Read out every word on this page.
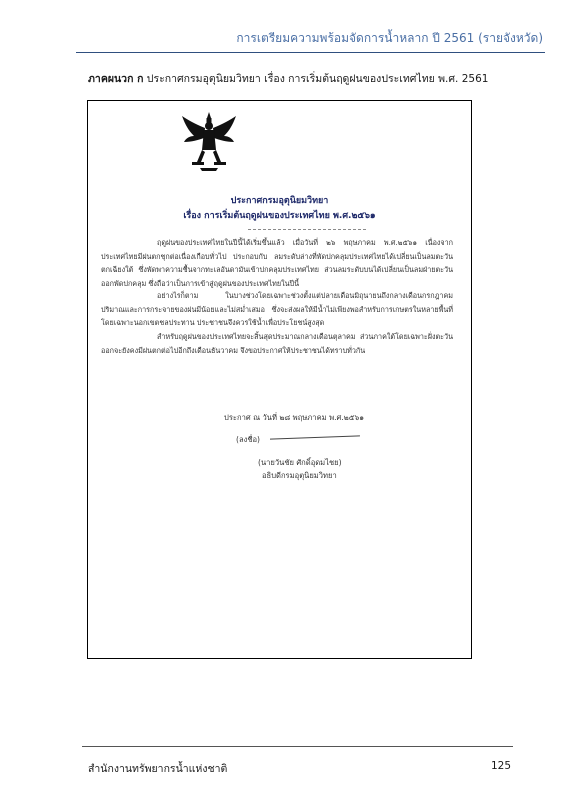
การเตรียมความพร้อมจัดการน้ำหลาก ปี 2561 (รายจังหวัด)
ภาคผนวก ก ประกาศกรมอุตุนิยมวิทยา เรื่อง การเริ่มต้นฤดูฝนของประเทศไทย พ.ศ. 2561
ประกาศกรมอุตุนิยมวิทยา
เรื่อง การเริ่มต้นฤดูฝนของประเทศไทย พ.ศ.๒๕๖๑
ฤดูฝนของประเทศไทยในปีนี้ได้เริ่มขึ้นแล้ว เมื่อวันที่ ๒๖ พฤษภาคม พ.ศ.๒๕๖๑ เนื่องจากประเทศไทยมีฝนตกชุกต่อเนื่องเกือบทั่วไป ประกอบกับ ลมระดับล่างที่พัดปกคลุมประเทศไทยได้เปลี่ยนเป็นลมตะวันตกเฉียงใต้ ซึ่งพัดพาความชื้นจากทะเลอันดามันเข้าปกคลุมประเทศไทย ส่วนลมระดับบนได้เปลี่ยนเป็นลมฝ่ายตะวันออกพัดปกคลุม ซึ่งถือว่าเป็นการเข้าสู่ฤดูฝนของประเทศไทยในปีนี้
อย่างไรก็ตาม ในบางช่วงโดยเฉพาะช่วงตั้งแต่ปลายเดือนมิถุนายนถึงกลางเดือนกรกฎาคม ปริมาณและการกระจายของฝนมีน้อยและไม่สม่ำเสมอ ซึ่งจะส่งผลให้มีน้ำไม่เพียงพอสำหรับการเกษตรในหลายพื้นที่ โดยเฉพาะนอกเขตชลประทาน ประชาชนจึงควรใช้น้ำเพื่อประโยชน์สูงสุด
สำหรับฤดูฝนของประเทศไทยจะสิ้นสุดประมาณกลางเดือนตุลาคม ส่วนภาคใต้โดยเฉพาะฝั่งตะวันออกจะยังคงมีฝนตกต่อไปอีกถึงเดือนธันวาคม จึงขอประกาศให้ประชาชนได้ทราบทั่วกัน
ประกาศ ณ วันที่ ๒๘ พฤษภาคม พ.ศ.๒๕๖๑
(ลงชื่อ)
(นายวันชัย ศักดิ์อุดมไชย)
อธิบดีกรมอุตุนิยมวิทยา
สำนักงานทรัพยากรน้ำแห่งชาติ	125
